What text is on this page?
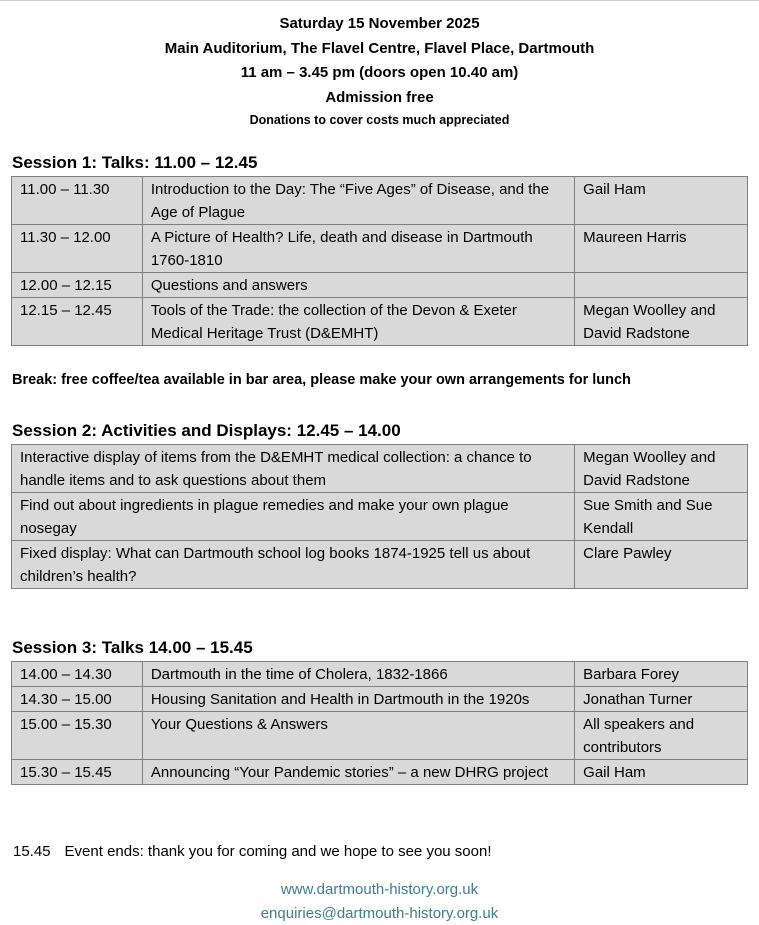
Saturday 15 November 2025
Main Auditorium, The Flavel Centre, Flavel Place, Dartmouth
11 am – 3.45 pm (doors open 10.40 am)
Admission free
Donations to cover costs much appreciated
Session 1: Talks: 11.00 – 12.45
11.00 – 11.30	Introduction to the Day: The “Five Ages” of Disease, and the Age of Plague	Gail Ham
11.30 – 12.00	A Picture of Health? Life, death and disease in Dartmouth 1760-1810	Maureen Harris
12.00 – 12.15	Questions and answers	
12.15 – 12.45	Tools of the Trade: the collection of the Devon & Exeter Medical Heritage Trust (D&EMHT)	Megan Woolley and David Radstone
Break: free coffee/tea available in bar area, please make your own arrangements for lunch
Session 2: Activities and Displays: 12.45 – 14.00
Interactive display of items from the D&EMHT medical collection: a chance to handle items and to ask questions about them	Megan Woolley and David Radstone
Find out about ingredients in plague remedies and make your own plague nosegay	Sue Smith and Sue Kendall
Fixed display: What can Dartmouth school log books 1874-1925 tell us about children’s health?	Clare Pawley
Session 3: Talks 14.00 – 15.45
14.00 – 14.30	Dartmouth in the time of Cholera, 1832-1866	Barbara Forey
14.30 – 15.00	Housing Sanitation and Health in Dartmouth in the 1920s	Jonathan Turner
15.00 – 15.30	Your Questions & Answers	All speakers and contributors
15.30 – 15.45	Announcing “Your Pandemic stories” – a new DHRG project	Gail Ham
15.45 Event ends: thank you for coming and we hope to see you soon!
www.dartmouth-history.org.uk
enquiries@dartmouth-history.org.uk
